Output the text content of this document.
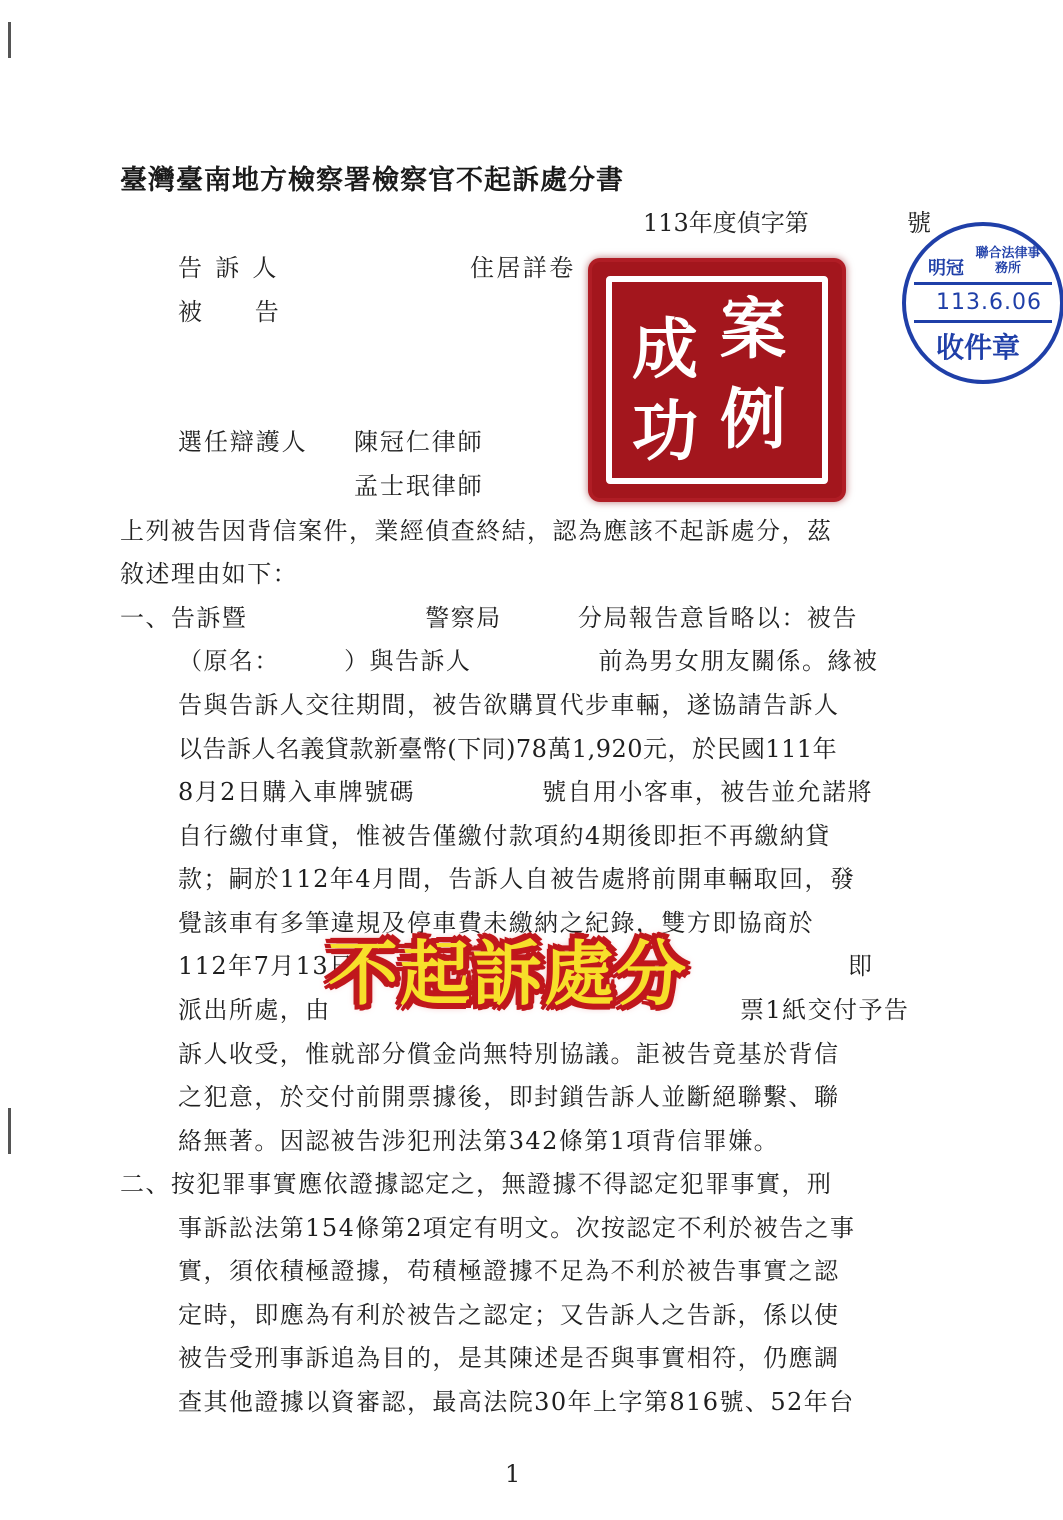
臺灣臺南地方檢察署檢察官不起訴處分書
113年度偵字第	號
告訴人	住居詳卷
被告
選任辯護人 陳冠仁律師
孟士珉律師
上列被告因背信案件，業經偵查終結，認為應該不起訴處分，茲
敘述理由如下：
一、告訴暨　　　　　　　警察局　　　分局報告意旨略以：被告
（原名：　　　）與告訴人　　　　　前為男女朋友關係。緣被
告與告訴人交往期間，被告欲購買代步車輛，遂協請告訴人
以告訴人名義貸款新臺幣(下同)78萬1,920元，於民國111年
8月2日購入車牌號碼　　　　　號自用小客車，被告並允諾將
自行繳付車貸，惟被告僅繳付款項約4期後即拒不再繳納貸
款；嗣於112年4月間，告訴人自被告處將前開車輛取回，發
覺該車有多筆違規及停車費未繳納之紀錄，雙方即協商於
112年7月13日	即
派出所處，由	票1紙交付予告
訴人收受，惟就部分償金尚無特別協議。詎被告竟基於背信
之犯意，於交付前開票據後，即封鎖告訴人並斷絕聯繫、聯
絡無著。因認被告涉犯刑法第342條第1項背信罪嫌。
二、按犯罪事實應依證據認定之，無證據不得認定犯罪事實，刑
事訴訟法第154條第2項定有明文。次按認定不利於被告之事
實，須依積極證據，苟積極證據不足為不利於被告事實之認
定時，即應為有利於被告之認定；又告訴人之告訴，係以使
被告受刑事訴追為目的，是其陳述是否與事實相符，仍應調
查其他證據以資審認，最高法院30年上字第816號、52年台
1
案
例
成
功
明冠
聯合法律事務所
113.6.06
收件章
不起訴處分
